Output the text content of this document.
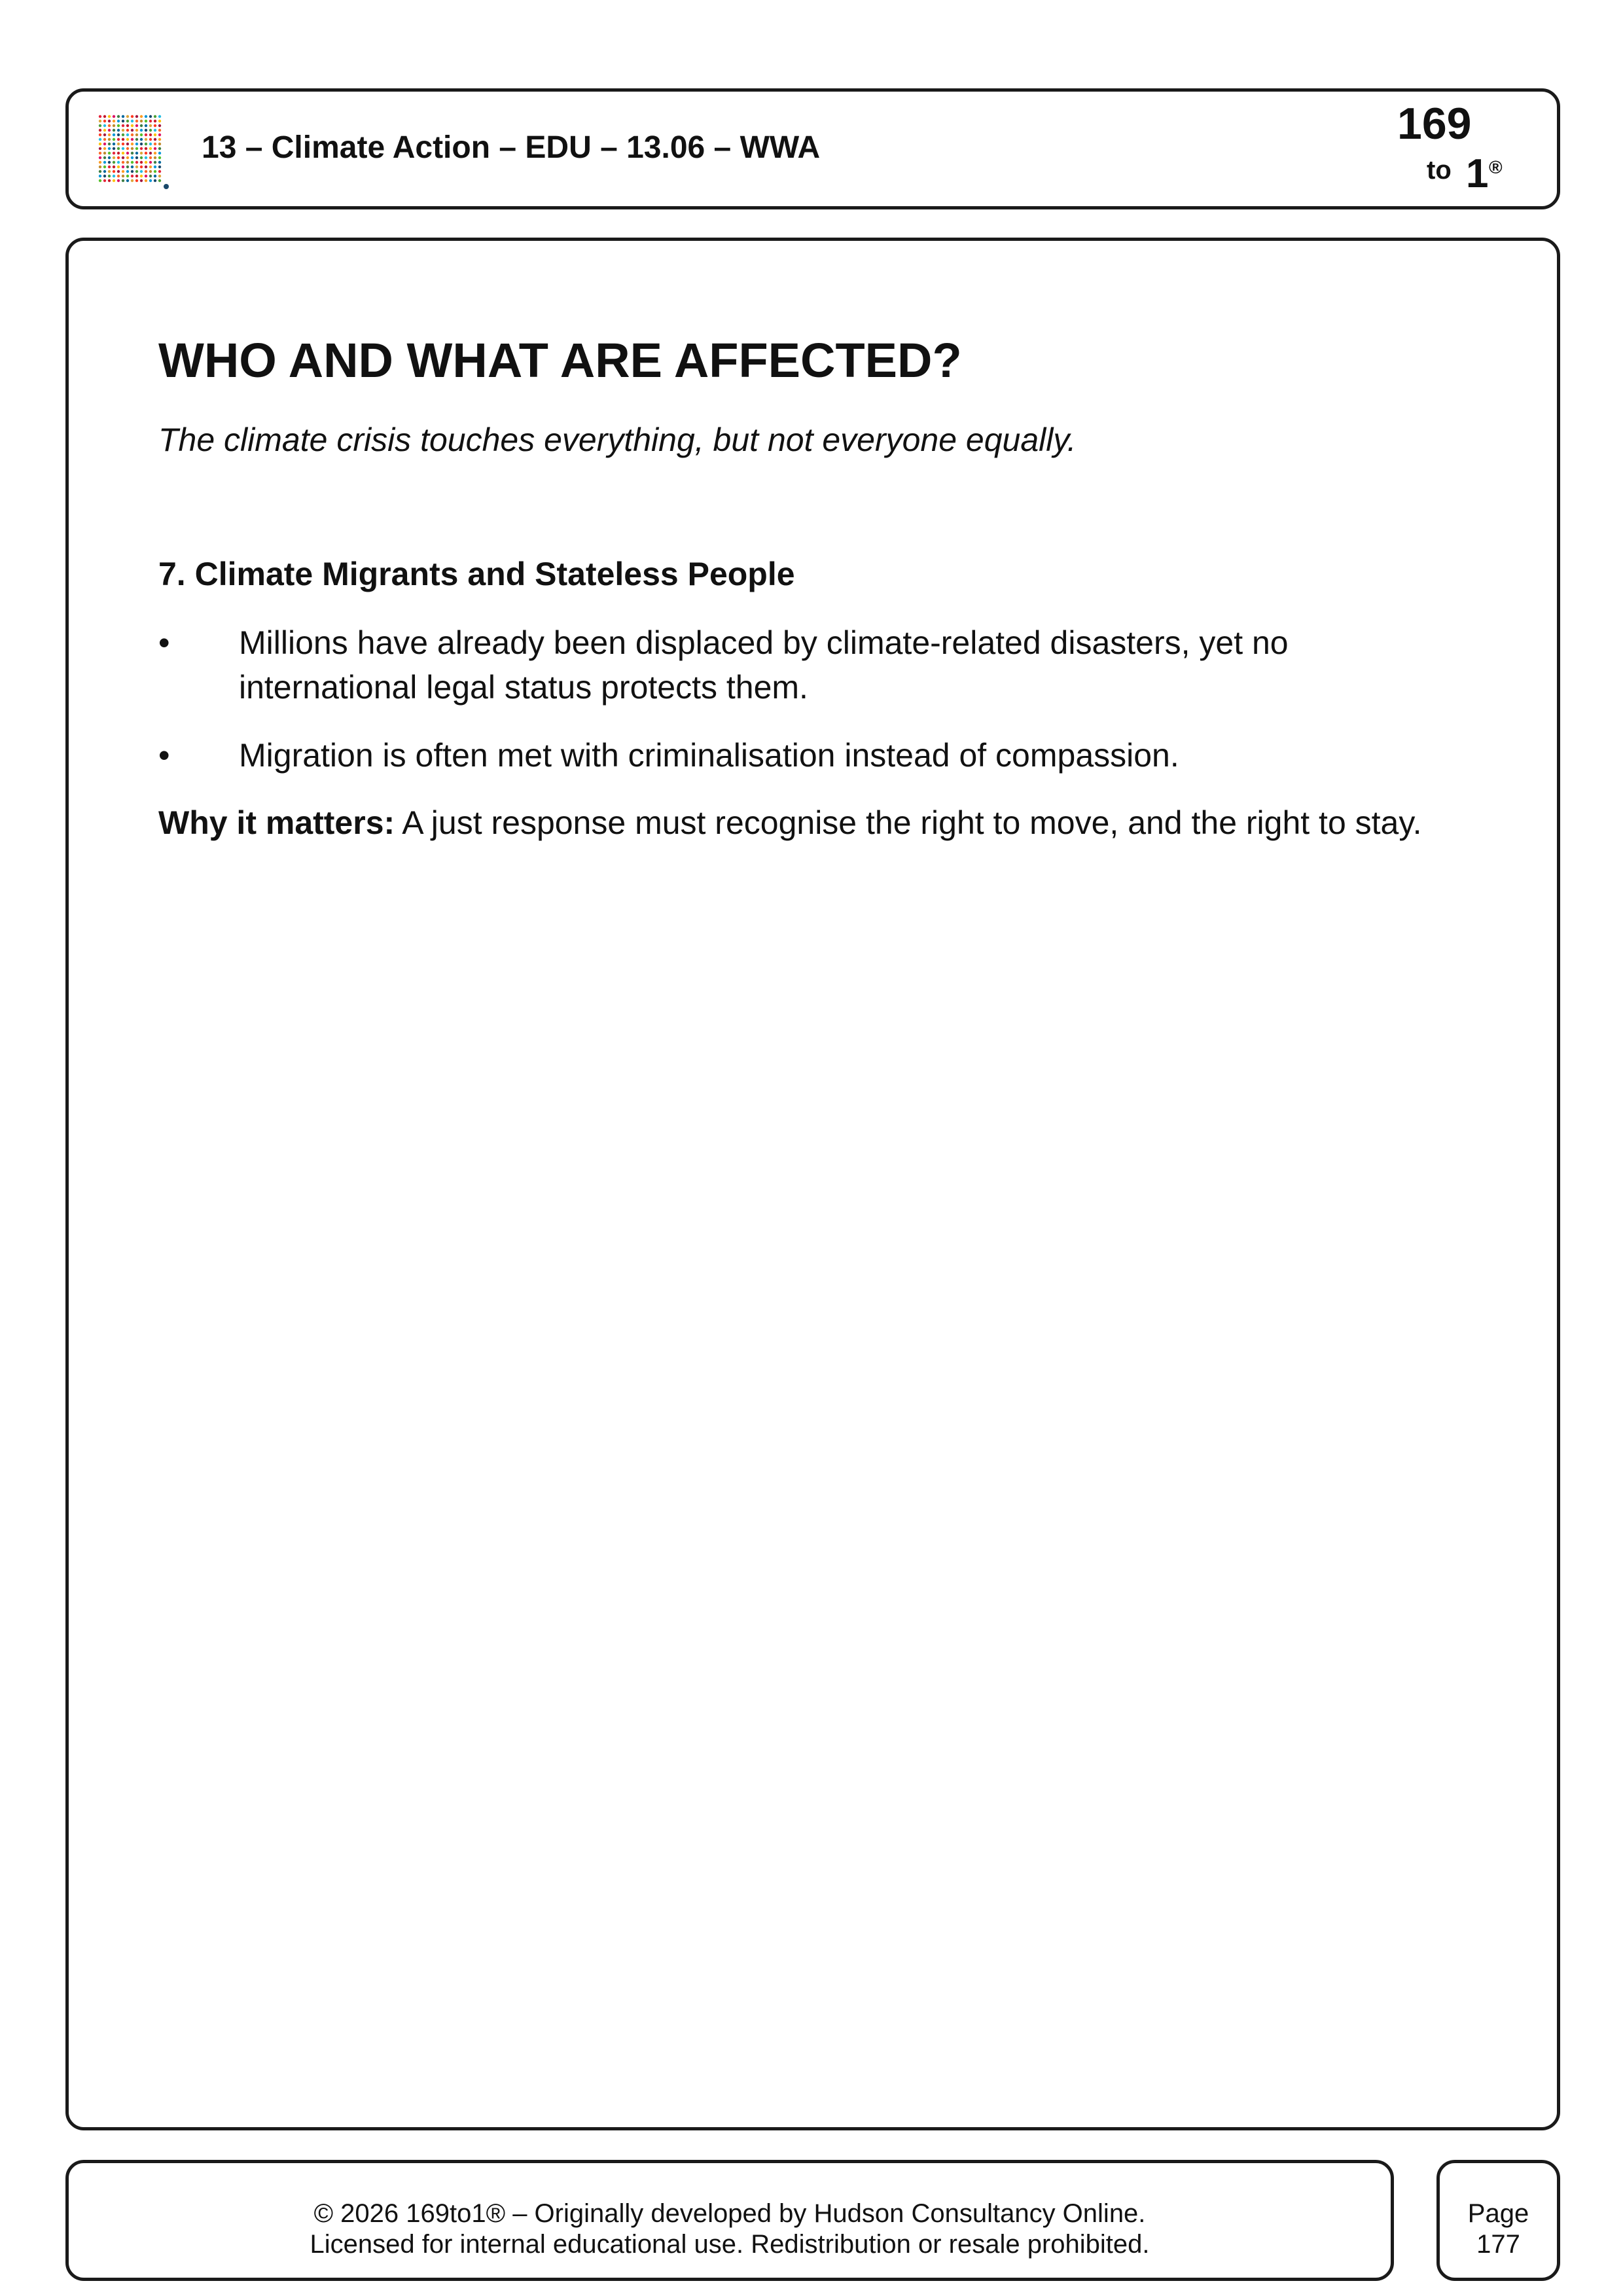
13 – Climate Action – EDU – 13.06 – WWA	169
to 1 ®
WHO AND WHAT ARE AFFECTED?
The climate crisis touches everything, but not everyone equally.
7. Climate Migrants and Stateless People
•	Millions have already been displaced by climate-related disasters, yet no international legal status protects them.
•	Migration is often met with criminalisation instead of compassion.
Why it matters: A just response must recognise the right to move, and the right to stay.
© 2026 169to1® – Originally developed by Hudson Consultancy Online.
Licensed for internal educational use. Redistribution or resale prohibited.
Page
177
